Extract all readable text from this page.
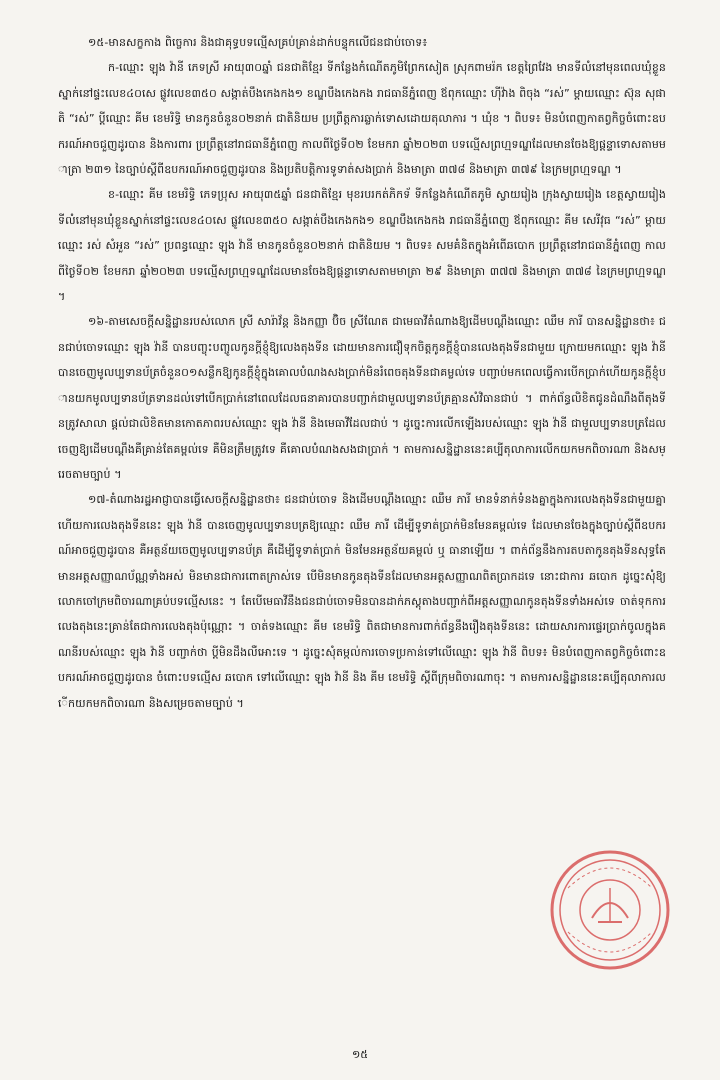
១៥-មានសក្ខកាង ពិច្ចេការ និងជាគុទ្ធបទល្មើសគ្រប់គ្រាន់ដាក់បន្ទុកលើជនជាប់ចោទ៖

ក-ឈ្មោះ ឡុង វ៉ានី ភេទស្រី អាយុ៣០ឆ្នាំ ជនជាតិខ្មែរ ទីកន្លែងកំណើតភូមិព្រែកសៀត ស្រុកពាមរ៉ក ខេត្តព្រៃវែង មានទីលំនៅមុនពេលឃុំខ្លួនស្នាក់នៅផ្ទះលេខ៤០សេ ផ្លូវលេខ៣៥០ សង្កាត់បឹងកេងកង១ ខណ្ឌបឹងកេងកង រាជធានីភ្នំពេញ ឪពុកឈ្មោះ ហ៊ីវ៉ាង ពិចុង “រស់” ម្ដាយឈ្មោះ ស៊ុន សុផាតិ “រស់” ប្តីឈ្មោះ គីម ខេមរិទ្ធិ មានកូនចំនួន០២នាក់ ជាតិនិយម ប្រព្រឹត្តការឆ្លាក់ទោសដោយតុលាការ ។ ឃុំខ ។ ពិបទ៖ មិនបំពេញកាតព្វកិច្ចចំពោះឧបករណ៍អាចជួញដូរបាន និងការពារ ប្រព្រឹត្តនៅរាជធានីភ្នំពេញ កាលពីថ្ងៃទី០២ ខែមករា ឆ្នាំ២០២៣ បទល្មើសព្រហ្មទណ្ឌដែលមានចែងឱ្យផ្ដន្ទាទោសតាមមាត្រា ២៣១ នៃច្បាប់ស្តីពីឧបករណ៍អាចជួញដូរបាន និងប្រតិបត្តិការទូទាត់សងប្រាក់ និងមាត្រា ៣៧៨ និងមាត្រា ៣៧៩ នៃក្រមព្រហ្មទណ្ឌ ។

ខ-ឈ្មោះ គីម ខេមរិទ្ធិ ភេទប្រុស អាយុ៣៥ឆ្នាំ ជនជាតិខ្មែរ មុខរបរកត់ភិកទ័ ទីកន្លែងកំណើតភូមិ ស្វាយរៀង ក្រុងស្វាយរៀង ខេត្តស្វាយរៀង ទីលំនៅមុនឃុំខ្លួនស្នាក់នៅផ្ទះលេខ៤០សេ ផ្លូវលេខ៣៥០ សង្កាត់បឹងកេងកង១ ខណ្ឌបឹងកេងកង រាជធានីភ្នំពេញ ឪពុកឈ្មោះ គីម សេរីវុធ “រស់” ម្ដាយឈ្មោះ រស់ សំអួន “រស់” ប្រពន្ធឈ្មោះ ឡុង វ៉ានី មានកូនចំនួន០២នាក់ ជាតិនិយម ។ ពិបទ៖ សមគំនិតក្នុងអំពើឆបោក ប្រព្រឹត្តនៅរាជធានីភ្នំពេញ កាលពីថ្ងៃទី០២ ខែមករា ឆ្នាំ២០២៣ បទល្មើសព្រហ្មទណ្ឌដែលមានចែងឱ្យផ្ដន្ទាទោសតាមមាត្រា ២៩ និងមាត្រា ៣៧៧ និងមាត្រា ៣៧៨ នៃក្រមព្រហ្មទណ្ឌ ។

១៦-តាមសេចក្ដីសន្និដ្ឋានរបស់លោក ស្រី សារ៉ាវ័ន្ត និងកញ្ញា ប៊ិច ស្រីណែត ជាមេធាវីតំណាងឱ្យដើមបណ្តឹងឈ្មោះ ឈឹម ភារី បានសន្និដ្ឋានថា៖ ជនជាប់ចោទឈ្មោះ ឡុង វ៉ានី បានបញ្ចុះបញ្ចូលកូនក្ដីខ្ញុំឱ្យលេងតុងទីន ដោយមានការជឿទុកចិត្តកូនក្តីខ្ញុំបានលេងតុងទីនជាមួយ ក្រោយមកឈ្មោះ ឡុង វ៉ានី បានចេញមូលប្បទានប័ត្រចំនួន០១សន្លឹកឱ្យកូនក្ដីខ្ញុំក្នុងគោលបំណងសងប្រាក់មិនរំពេចតុងទីនជាគម្លល់ទេ បញ្ជាប់មកពេលធ្វើការបើកប្រាក់ហើយកូនក្តីខ្ញុំបានយកមូលប្បទានប័ត្រទានដល់ទៅបើកប្រាក់នៅពេលដែលធនាគារបានបញ្ជាក់ជាមួលប្បទានប័ត្រគ្មានសំវិធានជាប់ ។ ពាក់ព័ន្ធលិខិតជូនដំណឹងពីតុងទីនត្រូវសាលា ផ្តល់ជាលិខិតមានកោតភាពរបស់ឈ្មោះ ឡុង វ៉ានី និងមេធាវីដែលជាប់ ។ ដូច្នេះការលើកឡើងរបស់ឈ្មោះ ឡុង វ៉ានី ជាមួលប្បទានបត្រដែលចេញឱ្យដើមបណ្តឹងគឺគ្រាន់តែគម្ពល់ទេ គឺមិនត្រឹមត្រូវទេ គឺគោលបំណងសងជាប្រាក់ ។ តាមការសន្និដ្ឋាននេះគប្បីតុលាការលើកយកមកពិចារណា និងសម្រេចតាមច្បាប់ ។

១៧-តំណាងរដ្ឋអាជ្ញាបានធ្វើសេចក្ដីសន្និដ្ឋានថា៖ ជនជាប់ចោទ និងដើមបណ្ដឹងឈ្មោះ ឈឹម ភារី មានទំនាក់ទំនងគ្នាក្នុងការលេងតុងទីនជាមួយគ្នា ហើយការលេងតុងទីននេះ ឡុង វ៉ានី បានចេញមូលប្បទានបត្រឱ្យឈ្មោះ ឈឹម ភារី ដើម្បីទូទាត់ប្រាក់មិនមែនគម្ពល់ទេ ដែលមានចែងក្នុងច្បាប់ស្តីពីឧបករណ៍អាចជួញដូរបាន គឺអត្ថន័យចេញមូលប្បទានប័ត្រ គឺដើម្បីទូទាត់ប្រាក់ មិនមែនអត្ថន័យគម្ពល់ ឬ ធានាឡើយ ។ ពាក់ព័ន្ធនឹងការតបតាកូនតុងទីនសុទ្ធតែមានអត្តសញ្ញាណប័ណ្ណទាំងអស់ មិនមានជាការពោតក្រាស់ទេ បើមិនមានកូនតុងទីនដែលមានអត្តសញ្ញាណពិតប្រាកដទេ នោះជាការ ឆបោក ដូច្នេះសុំឱ្យលោកចៅក្រមពិចារណាគ្រប់បទល្មើសនេះ ។ តែបើមេធាវីនឹងជនជាប់ចោទមិនបានដាក់ភស្តុតាងបញ្ជាក់ពីអត្តសញ្ញាណកូនតុងទីនទាំងអស់ទេ ចាត់ទុកការលេងតុងនេះគ្រាន់តែជាការលេងតុងប៉ុណ្ណោះ ។ ចាត់ទងឈ្មោះ គីម ខេមរិទ្ធិ ពិតជាមានការពាក់ព័ន្ធនឹងរឿងតុងទីននេះ ដោយសារការផ្ទេរប្រាក់ចូលក្នុងគណនីរបស់ឈ្មោះ ឡុង វ៉ានី បញ្ជាក់ថា ប្តីមិនដឹងលឺអោះទេ ។ ដូច្នេះសុំតម្កល់ការចោទប្រកាន់ទៅលើឈ្មោះ ឡុង វ៉ានី ពិបទ៖ មិនបំពេញកាតព្វកិច្ចចំពោះឧបករណ៍អាចជួញដូរបាន ចំពោះបទល្មើស ឆបោក ទៅលើឈ្មោះ ឡុង វ៉ានី និង គីម ខេមរិទ្ធិ ស្ដីពីក្រុមពិចារណាចុះ ។ តាមការសន្និដ្ឋាននេះគប្បីតុលាការលើកយកមកពិចារណា និងសម្រេចតាមច្បាប់ ។

១៥
